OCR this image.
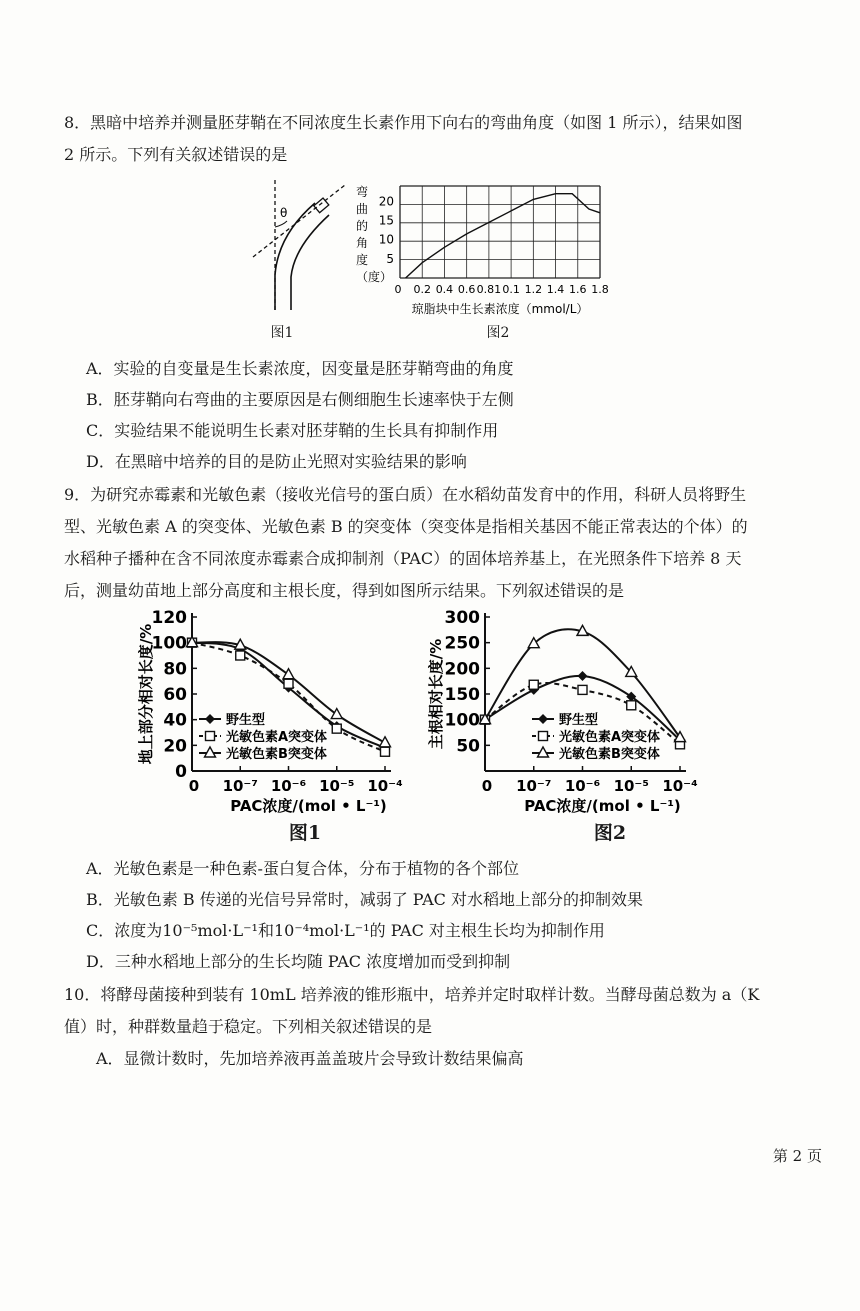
8．黑暗中培养并测量胚芽鞘在不同浓度生长素作用下向右的弯曲角度（如图 1 所示），结果如图
2 所示。下列有关叙述错误的是
θ
图1
弯
曲
的
角
度
（度）
5
10
15
20
0 0.2 0.4 0.6 0.81 0.1 1.2 1.4 1.6 1.8
琼脂块中生长素浓度（mmol/L）
图2
A．实验的自变量是生长素浓度，因变量是胚芽鞘弯曲的角度
B．胚芽鞘向右弯曲的主要原因是右侧细胞生长速率快于左侧
C．实验结果不能说明生长素对胚芽鞘的生长具有抑制作用
D．在黑暗中培养的目的是防止光照对实验结果的影响
9．为研究赤霉素和光敏色素（接收光信号的蛋白质）在水稻幼苗发育中的作用，科研人员将野生
型、光敏色素 A 的突变体、光敏色素 B 的突变体（突变体是指相关基因不能正常表达的个体）的
水稻种子播种在含不同浓度赤霉素合成抑制剂（PAC）的固体培养基上，在光照条件下培养 8 天
后，测量幼苗地上部分高度和主根长度，得到如图所示结果。下列叙述错误的是
0
20
40
60
80
100
120
0 10⁻⁷ 10⁻⁶ 10⁻⁵ 10⁻⁴
地上部分相对长度/%
PAC浓度/(mol • L⁻¹)
野生型
光敏色素A突变体
光敏色素B突变体	50
100
150
200
250
300
0 10⁻⁷ 10⁻⁶ 10⁻⁵ 10⁻⁴
主根相对长度/%
PAC浓度/(mol • L⁻¹)
野生型
光敏色素A突变体
光敏色素B突变体
图1	图2
A．光敏色素是一种色素-蛋白复合体，分布于植物的各个部位
B．光敏色素 B 传递的光信号异常时，减弱了 PAC 对水稻地上部分的抑制效果
C．浓度为10⁻⁵mol·L⁻¹和10⁻⁴mol·L⁻¹的 PAC 对主根生长均为抑制作用
D．三种水稻地上部分的生长均随 PAC 浓度增加而受到抑制
10．将酵母菌接种到装有 10mL 培养液的锥形瓶中，培养并定时取样计数。当酵母菌总数为 a（K
值）时，种群数量趋于稳定。下列相关叙述错误的是
A．显微计数时，先加培养液再盖盖玻片会导致计数结果偏高
第 2 页
